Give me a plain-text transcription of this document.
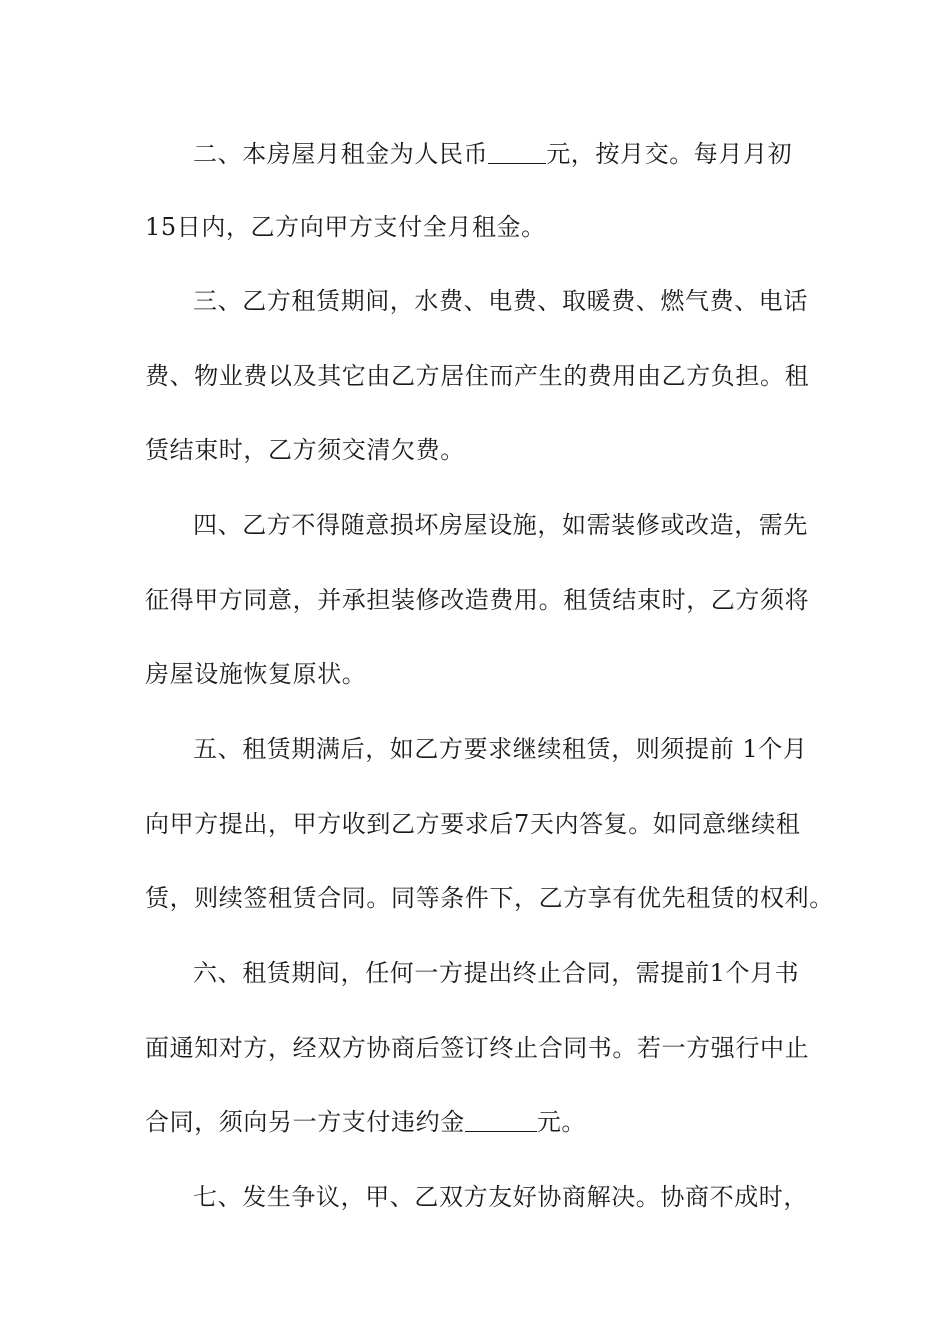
二、本房屋月租金为人民币 元，按月交。每月月初
15日内，乙方向甲方支付全月租金。
三、乙方租赁期间，水费、电费、取暖费、燃气费、电话
费、物业费以及其它由乙方居住而产生的费用由乙方负担。租
赁结束时，乙方须交清欠费。
四、乙方不得随意损坏房屋设施，如需装修或改造，需先
征得甲方同意，并承担装修改造费用。租赁结束时，乙方须将
房屋设施恢复原状。
五、租赁期满后，如乙方要求继续租赁，则须提前 1个月
向甲方提出，甲方收到乙方要求后7天内答复。如同意继续租
赁，则续签租赁合同。同等条件下，乙方享有优先租赁的权利。
六、租赁期间，任何一方提出终止合同，需提前1个月书
面通知对方，经双方协商后签订终止合同书。若一方强行中止
合同，须向另一方支付违约金	元。
七、发生争议，甲、乙双方友好协商解决。协商不成时，
